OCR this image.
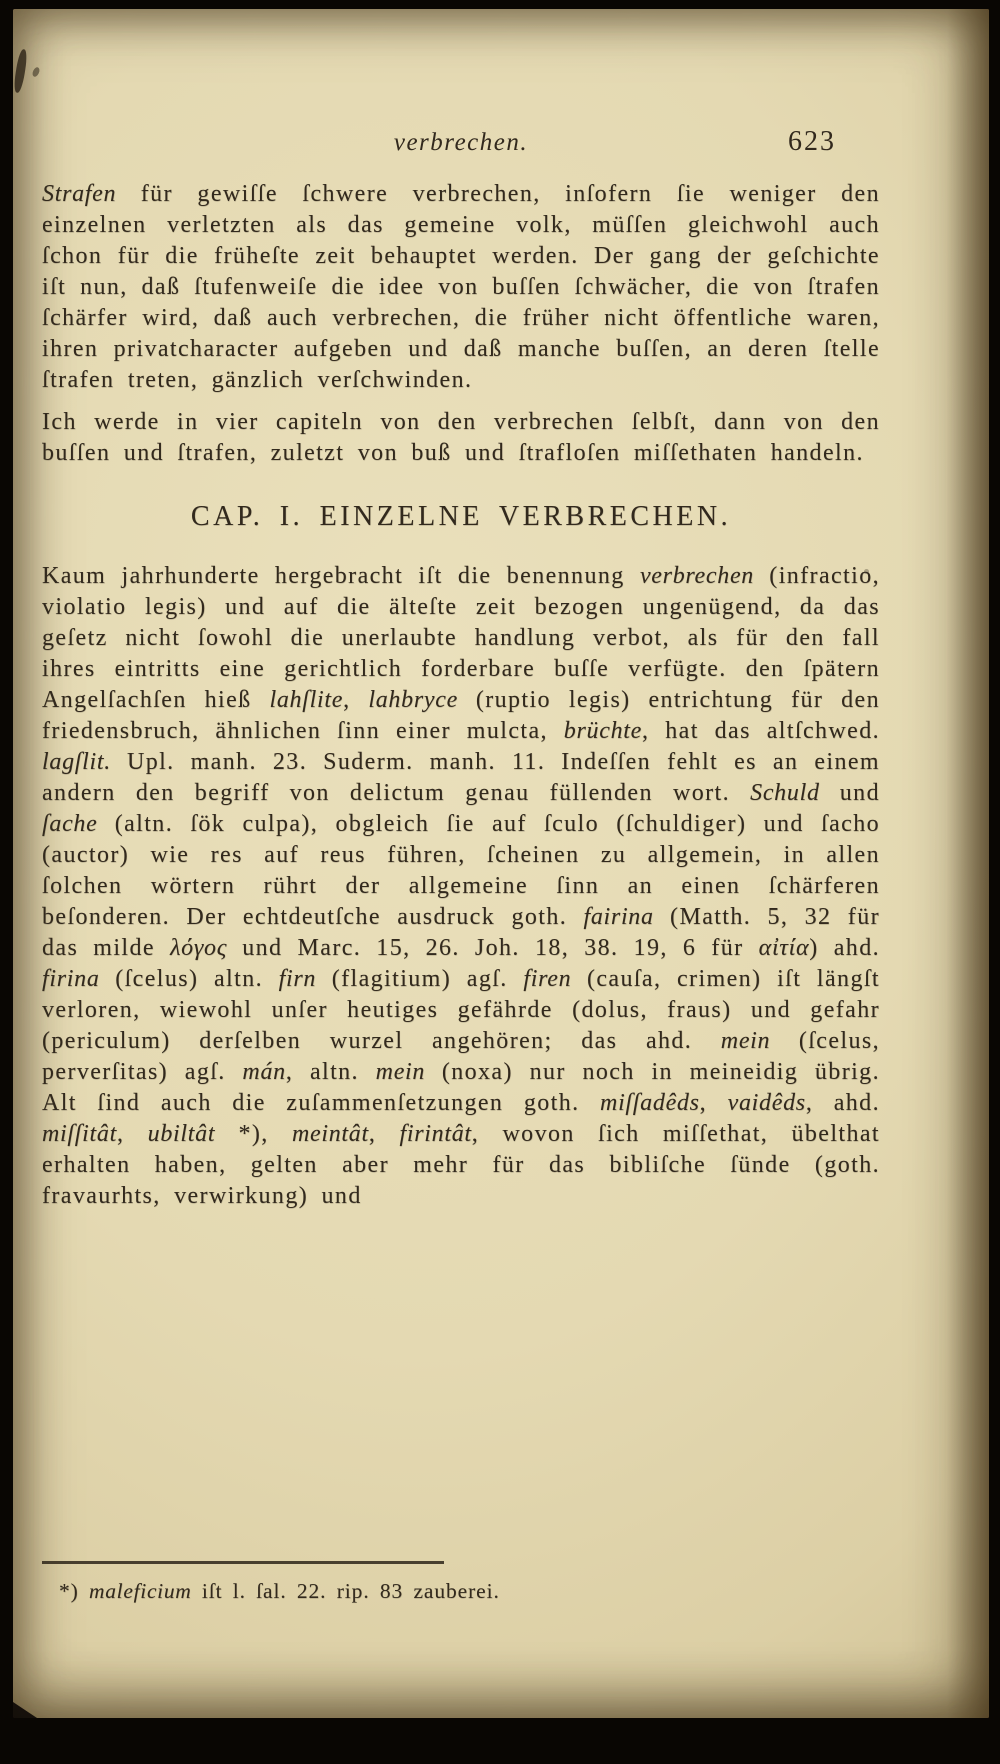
verbrechen.	623

Strafen für gewiſſe ſchwere verbrechen, inſofern ſie weniger den einzelnen verletzten als das gemeine volk, müſſen gleichwohl auch ſchon für die früheſte zeit behauptet werden. Der gang der geſchichte iſt nun, daß ſtufenweiſe die idee von buſſen ſchwächer, die von ſtrafen ſchärfer wird, daß auch verbrechen, die früher nicht öffentliche waren, ihren privatcharacter aufgeben und daß manche buſſen, an deren ſtelle ſtrafen treten, gänzlich verſchwinden.

Ich werde in vier capiteln von den verbrechen ſelbſt, dann von den buſſen und ſtrafen, zuletzt von buß und ſtrafloſen miſſethaten handeln.

CAP. I. EINZELNE VERBRECHEN.

Kaum jahrhunderte hergebracht iſt die benennung verbrechen (infractio, violatio legis) und auf die älteſte zeit bezogen ungenügend, da das geſetz nicht ſowohl die unerlaubte handlung verbot, als für den fall ihres eintritts eine gerichtlich forderbare buſſe verfügte. den ſpätern Angelſachſen hieß lahſlite, lahbryce (ruptio legis) entrichtung für den friedensbruch, ähnlichen ſinn einer mulcta, brüchte, hat das altſchwed. lagſlit. Upl. manh. 23. Suderm. manh. 11. Indeſſen fehlt es an einem andern den begriff von delictum genau füllenden wort. Schuld und ſache (altn. ſök culpa), obgleich ſie auf ſculo (ſchuldiger) und ſacho (auctor) wie res auf reus führen, ſcheinen zu allgemein, in allen ſolchen wörtern rührt der allgemeine ſinn an einen ſchärferen beſonderen. Der echtdeutſche ausdruck goth. fairina (Matth. 5, 32 für das milde λόγος und Marc. 15, 26. Joh. 18, 38. 19, 6 für αἰτία) ahd. firina (ſcelus) altn. firn (flagitium) agſ. firen (cauſa, crimen) iſt längſt verloren, wiewohl unſer heutiges gefährde (dolus, fraus) und gefahr (periculum) derſelben wurzel angehören; das ahd. mein (ſcelus, perverſitas) agſ. mán, altn. mein (noxa) nur noch in meineidig übrig. Alt ſind auch die zuſammenſetzungen goth. miſſadêds, vaidêds, ahd. miſſitât, ubiltât *), meintât, firintât, wovon ſich miſſethat, übelthat erhalten haben, gelten aber mehr für das bibliſche ſünde (goth. fravaurhts, verwirkung) und

*) maleficium iſt l. ſal. 22. rip. 83 zauberei.
